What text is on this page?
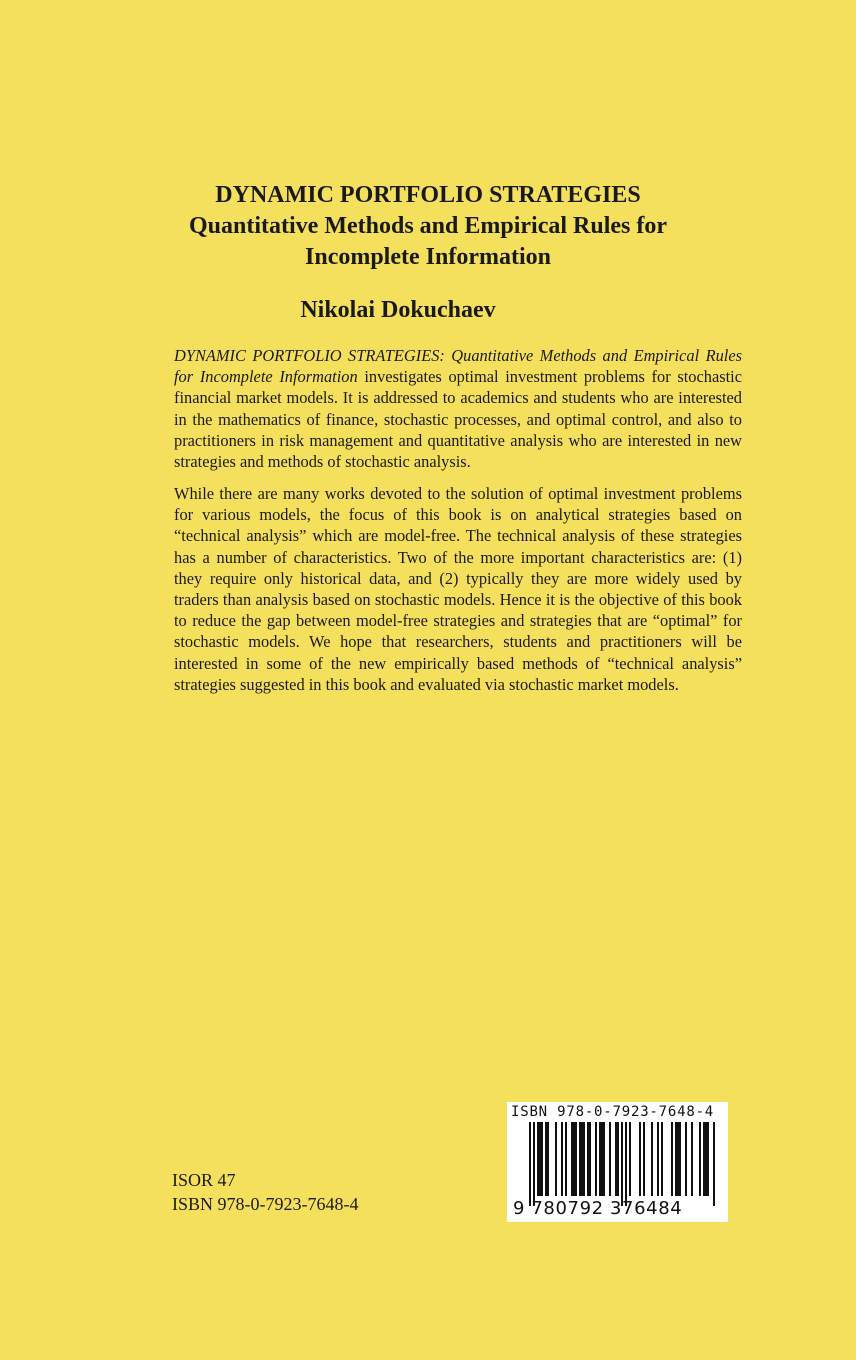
DYNAMIC PORTFOLIO STRATEGIES
Quantitative Methods and Empirical Rules for
Incomplete Information
Nikolai Dokuchaev
DYNAMIC PORTFOLIO STRATEGIES: Quantitative Methods and Empirical Rules for Incomplete Information investigates optimal investment problems for stochastic financial market models. It is addressed to academics and students who are interested in the mathematics of finance, stochastic processes, and optimal control, and also to practitioners in risk management and quantitative analysis who are interested in new strategies and methods of stochastic analysis.
While there are many works devoted to the solution of optimal investment problems for various models, the focus of this book is on analytical strategies based on “technical analysis” which are model-free. The technical analysis of these strategies has a number of characteristics. Two of the more important characteristics are: (1) they require only historical data, and (2) typically they are more widely used by traders than analysis based on stochastic models. Hence it is the objective of this book to reduce the gap between model-free strategies and strategies that are “optimal” for stochastic models. We hope that researchers, students and practitioners will be interested in some of the new empirically based methods of “technical analysis” strategies suggested in this book and evaluated via stochastic market models.
ISOR 47
ISBN 978-0-7923-7648-4
ISBN 978-0-7923-7648-4
9 780792 376484
